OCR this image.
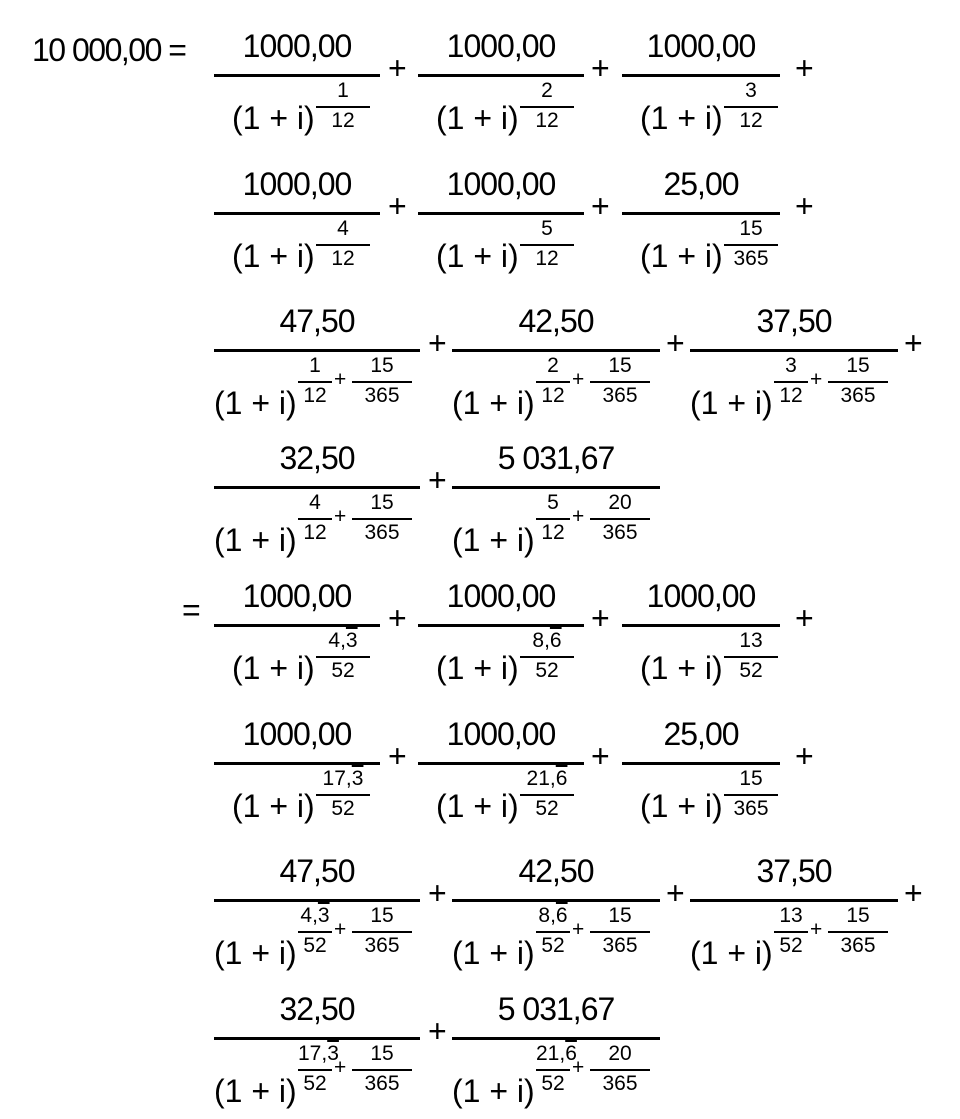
10 000,00 =
=
1000,00
(1 + i)
1
12
+
1000,00
(1 + i)
2
12
+
1000,00
(1 + i)
3
12
+
1000,00
(1 + i)
4
12
+
1000,00
(1 + i)
5
12
+
25,00
(1 + i)
15
365
+
47,50
(1 + i)
1
12
+
15
365
+
42,50
(1 + i)
2
12
+
15
365
+
37,50
(1 + i)
3
12
+
15
365
+
32,50
(1 + i)
4
12
+
15
365
+
5 031,67
(1 + i)
5
12
+
20
365
1000,00
(1 + i)
4,3
52
+
1000,00
(1 + i)
8,6
52
+
1000,00
(1 + i)
13
52
+
1000,00
(1 + i)
17,3
52
+
1000,00
(1 + i)
21,6
52
+
25,00
(1 + i)
15
365
+
47,50
(1 + i)
4,3
52
+
15
365
+
42,50
(1 + i)
8,6
52
+
15
365
+
37,50
(1 + i)
13
52
+
15
365
+
32,50
(1 + i)
17,3
52
+
15
365
+
5 031,67
(1 + i)
21,6
52
+
20
365
